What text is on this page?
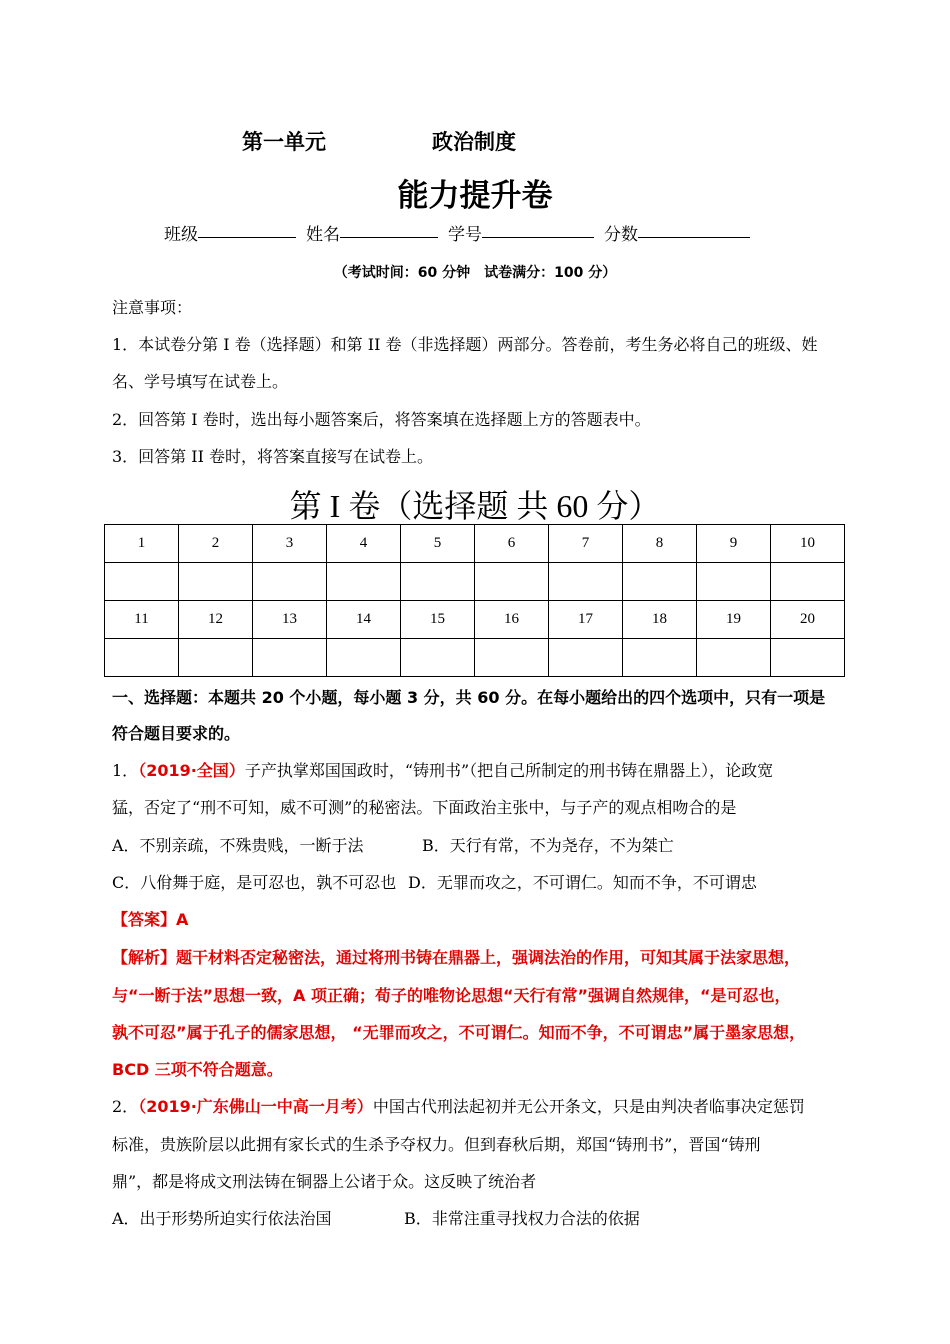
第一单元	政治制度
能力提升卷
班级	姓名	学号	分数
（考试时间：60 分钟　试卷满分：100 分）
注意事项：
1．本试卷分第 I 卷（选择题）和第 II 卷（非选择题）两部分。答卷前，考生务必将自己的班级、姓
名、学号填写在试卷上。
2．回答第 I 卷时，选出每小题答案后，将答案填在选择题上方的答题表中。
3．回答第 II 卷时，将答案直接写在试卷上。
第 I 卷（选择题 共 60 分）
1	2	3	4	5	6	7	8	9	10

11	12	13	14	15	16	17	18	19	20

一、选择题：本题共 20 个小题，每小题 3 分，共 60 分。在每小题给出的四个选项中，只有一项是
符合题目要求的。
1．（2019·全国）子产执掌郑国国政时，“铸刑书”（把自己所制定的刑书铸在鼎器上），论政宽
猛，否定了“刑不可知，威不可测”的秘密法。下面政治主张中，与子产的观点相吻合的是
A．不别亲疏，不殊贵贱，一断于法	B．天行有常，不为尧存，不为桀亡
C．八佾舞于庭，是可忍也，孰不可忍也 D．无罪而攻之，不可谓仁。知而不争，不可谓忠
【答案】A
【解析】题干材料否定秘密法，通过将刑书铸在鼎器上，强调法治的作用，可知其属于法家思想，
与“一断于法”思想一致，A 项正确；荀子的唯物论思想“天行有常”强调自然规律，“是可忍也，
孰不可忍”属于孔子的儒家思想， “无罪而攻之，不可谓仁。知而不争，不可谓忠”属于墨家思想，
BCD 三项不符合题意。
2．（2019·广东佛山一中高一月考）中国古代刑法起初并无公开条文，只是由判决者临事决定惩罚
标准，贵族阶层以此拥有家长式的生杀予夺权力。但到春秋后期，郑国“铸刑书”，晋国“铸刑
鼎”，都是将成文刑法铸在铜器上公诸于众。这反映了统治者
A．出于形势所迫实行依法治国	B．非常注重寻找权力合法的依据
